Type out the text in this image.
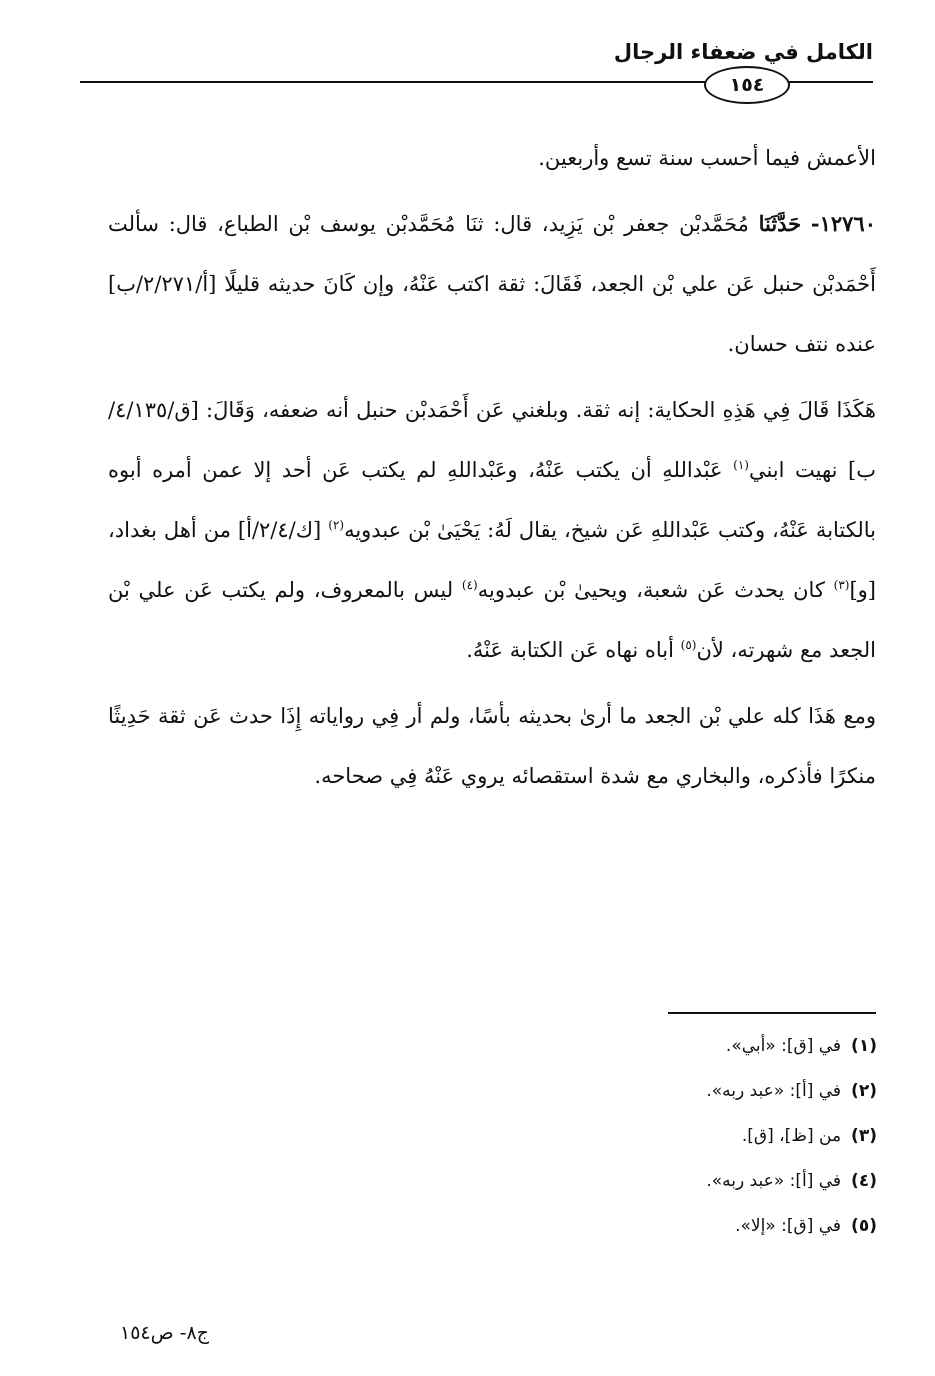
الكامل في ضعفاء الرجال
١٥٤

الأعمش فيما أحسب سنة تسع وأربعين.

١٢٧٦٠- حَدَّثَنَا مُحَمَّدبْن جعفر بْن يَزِيد، قال: ثنَا مُحَمَّدبْن يوسف بْن الطباع، قال: سألت أَحْمَدبْن حنبل عَن علي بْن الجعد، فَقَالَ: ثقة اكتب عَنْهُ، وإن كَانَ حديثه قليلًا [أ/٢/٢٧١/ب] عنده نتف حسان.

هَكَذَا قَالَ فِي هَذِهِ الحكاية: إنه ثقة. وبلغني عَن أَحْمَدبْن حنبل أنه ضعفه، وَقَالَ: [ق/٤/١٣٥/ب] نهيت ابني$^{(١)}$ عَبْداللهِ أن يكتب عَنْهُ، وعَبْداللهِ لم يكتب عَن أحد إلا عمن أمره أبوه بالكتابة عَنْهُ، وكتب عَبْداللهِ عَن شيخ، يقال لَهُ: يَحْيَىٰ بْن عبدويه$^{(٢)}$ [ك/٢/٤/أ] من أهل بغداد، [و]$^{(٣)}$ كان يحدث عَن شعبة، ويحيىٰ بْن عبدويه$^{(٤)}$ ليس بالمعروف، ولم يكتب عَن علي بْن الجعد مع شهرته، لأن$^{(٥)}$ أباه نهاه عَن الكتابة عَنْهُ.

ومع هَذَا كله علي بْن الجعد ما أرىٰ بحديثه بأسًا، ولم أر فِي رواياته إِذَا حدث عَن ثقة حَدِيثًا منكرًا فأذكره، والبخاري مع شدة استقصائه يروي عَنْهُ فِي صحاحه.

(١)في [ق]: «أبي».
(٢)في [أ]: «عبد ربه».
(٣)من [ظ]، [ق].
(٤)في [أ]: «عبد ربه».
(٥)في [ق]: «إلا».
ج٨- ص١٥٤
